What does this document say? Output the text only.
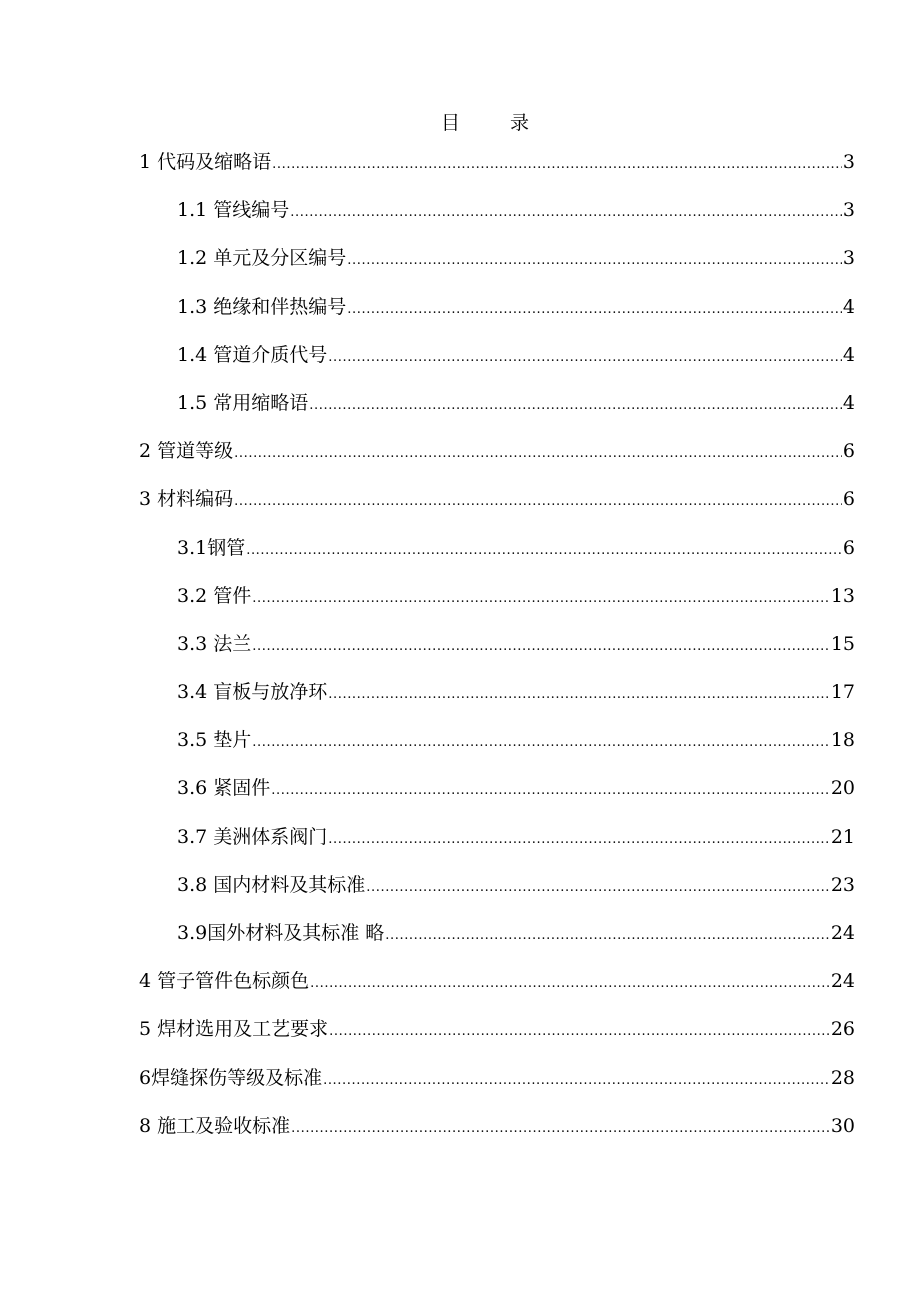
目 录
1 代码及缩略语 .....	3
1.1 管线编号 .....	3
1.2 单元及分区编号 .....	3
1.3 绝缘和伴热编号 .....	4
1.4 管道介质代号 .....	4
1.5 常用缩略语 .....	4
2 管道等级 .....	6
3 材料编码 .....	6
3.1钢管 .....	6
3.2 管件 .....	13
3.3 法兰 .....	15
3.4 盲板与放净环 .....	17
3.5 垫片 .....	18
3.6 紧固件 .....	20
3.7 美洲体系阀门 .....	21
3.8 国内材料及其标准 .....	23
3.9国外材料及其标准 略 .....	24
4 管子管件色标颜色 .....	24
5 焊材选用及工艺要求 .....	26
6焊缝探伤等级及标准 .....	28
8 施工及验收标准 .....	30
